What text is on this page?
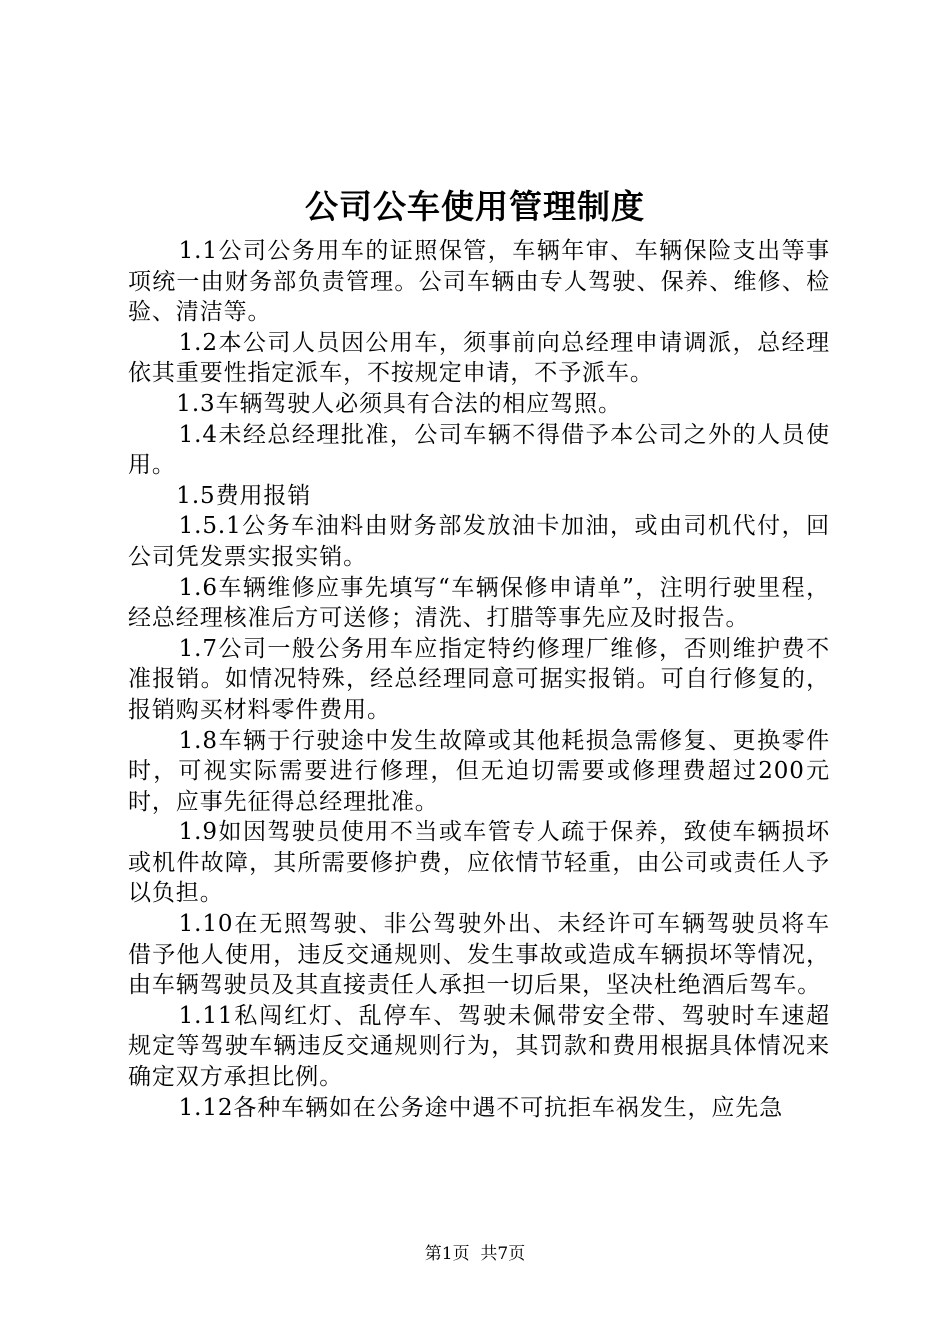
公司公车使用管理制度

1.1公司公务用车的证照保管，车辆年审、车辆保险支出等事项统一由财务部负责管理。公司车辆由专人驾驶、保养、维修、检验、清洁等。

1.2本公司人员因公用车，须事前向总经理申请调派，总经理依其重要性指定派车，不按规定申请，不予派车。

1.3车辆驾驶人必须具有合法的相应驾照。

1.4未经总经理批准，公司车辆不得借予本公司之外的人员使用。

1.5费用报销

1.5.1公务车油料由财务部发放油卡加油，或由司机代付，回公司凭发票实报实销。

1.6车辆维修应事先填写“车辆保修申请单”，注明行驶里程，经总经理核准后方可送修；清洗、打腊等事先应及时报告。

1.7公司一般公务用车应指定特约修理厂维修，否则维护费不准报销。如情况特殊，经总经理同意可据实报销。可自行修复的，报销购买材料零件费用。

1.8车辆于行驶途中发生故障或其他耗损急需修复、更换零件时，可视实际需要进行修理，但无迫切需要或修理费超过200元时，应事先征得总经理批准。

1.9如因驾驶员使用不当或车管专人疏于保养，致使车辆损坏或机件故障，其所需要修护费，应依情节轻重，由公司或责任人予以负担。

1.10在无照驾驶、非公驾驶外出、未经许可车辆驾驶员将车借予他人使用，违反交通规则、发生事故或造成车辆损坏等情况，由车辆驾驶员及其直接责任人承担一切后果，坚决杜绝酒后驾车。

1.11私闯红灯、乱停车、驾驶未佩带安全带、驾驶时车速超规定等驾驶车辆违反交通规则行为，其罚款和费用根据具体情况来确定双方承担比例。

1.12各种车辆如在公务途中遇不可抗拒车祸发生，应先急

第1页  共7页
